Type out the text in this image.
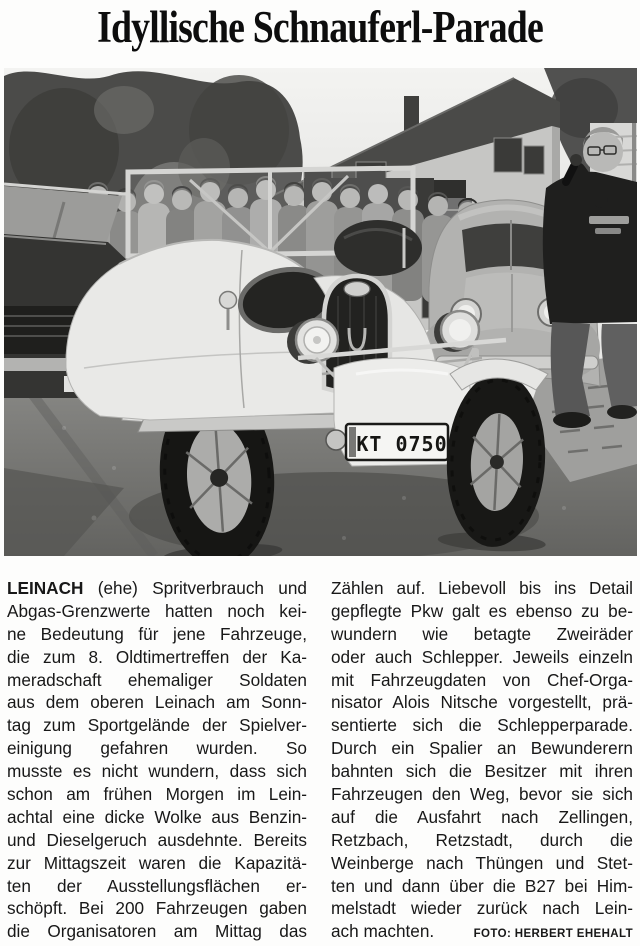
Idyllische Schnauferl-Parade
KT 0750
LEINACH (ehe) Spritverbrauch und
Abgas-Grenzwerte hatten noch kei-
ne Bedeutung für jene Fahrzeuge,
die zum 8. Oldtimertreffen der Ka-
meradschaft ehemaliger Soldaten
aus dem oberen Leinach am Sonn-
tag zum Sportgelände der Spielver-
einigung gefahren wurden. So
musste es nicht wundern, dass sich
schon am frühen Morgen im Lein-
achtal eine dicke Wolke aus Benzin-
und Dieselgeruch ausdehnte. Bereits
zur Mittagszeit waren die Kapazitä-
ten der Ausstellungsflächen er-
schöpft. Bei 200 Fahrzeugen gaben
die Organisatoren am Mittag das
Zählen auf. Liebevoll bis ins Detail
gepflegte Pkw galt es ebenso zu be-
wundern wie betagte Zweiräder
oder auch Schlepper. Jeweils einzeln
mit Fahrzeugdaten von Chef-Orga-
nisator Alois Nitsche vorgestellt, prä-
sentierte sich die Schlepperparade.
Durch ein Spalier an Bewunderern
bahnten sich die Besitzer mit ihren
Fahrzeugen den Weg, bevor sie sich
auf die Ausfahrt nach Zellingen,
Retzbach, Retzstadt, durch die
Weinberge nach Thüngen und Stet-
ten und dann über die B27 bei Him-
melstadt wieder zurück nach Lein-
ach machten.	FOTO: HERBERT EHEHALT
